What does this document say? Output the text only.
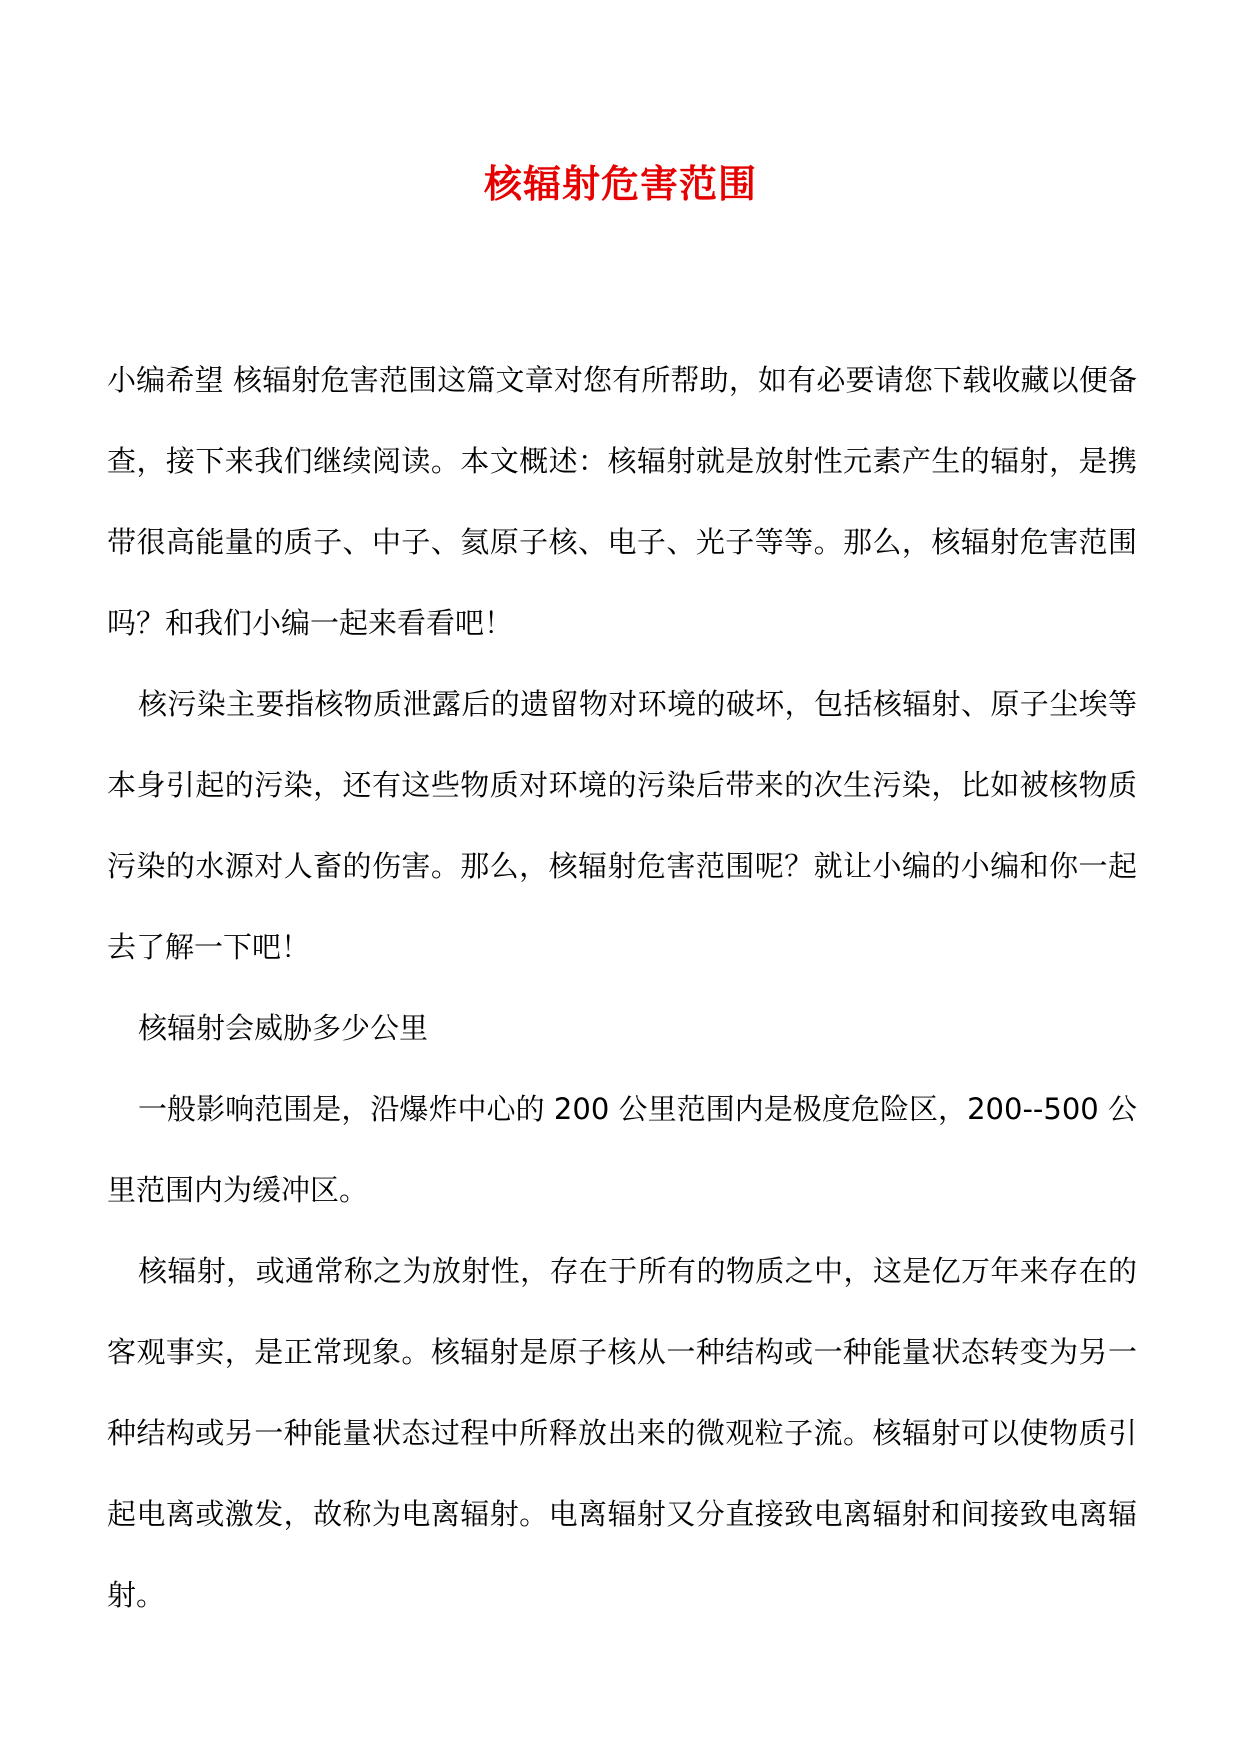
核辐射危害范围

小编希望 核辐射危害范围这篇文章对您有所帮助，如有必要请您下载收藏以便备查，接下来我们继续阅读。本文概述：核辐射就是放射性元素产生的辐射，是携带很高能量的质子、中子、氦原子核、电子、光子等等。那么，核辐射危害范围吗？和我们小编一起来看看吧！

核污染主要指核物质泄露后的遗留物对环境的破坏，包括核辐射、原子尘埃等本身引起的污染，还有这些物质对环境的污染后带来的次生污染，比如被核物质污染的水源对人畜的伤害。那么，核辐射危害范围呢？就让小编的小编和你一起去了解一下吧！

核辐射会威胁多少公里

一般影响范围是，沿爆炸中心的 200 公里范围内是极度危险区，200--500 公里范围内为缓冲区。

核辐射，或通常称之为放射性，存在于所有的物质之中，这是亿万年来存在的客观事实，是正常现象。核辐射是原子核从一种结构或一种能量状态转变为另一种结构或另一种能量状态过程中所释放出来的微观粒子流。核辐射可以使物质引起电离或激发，故称为电离辐射。电离辐射又分直接致电离辐射和间接致电离辐射。
